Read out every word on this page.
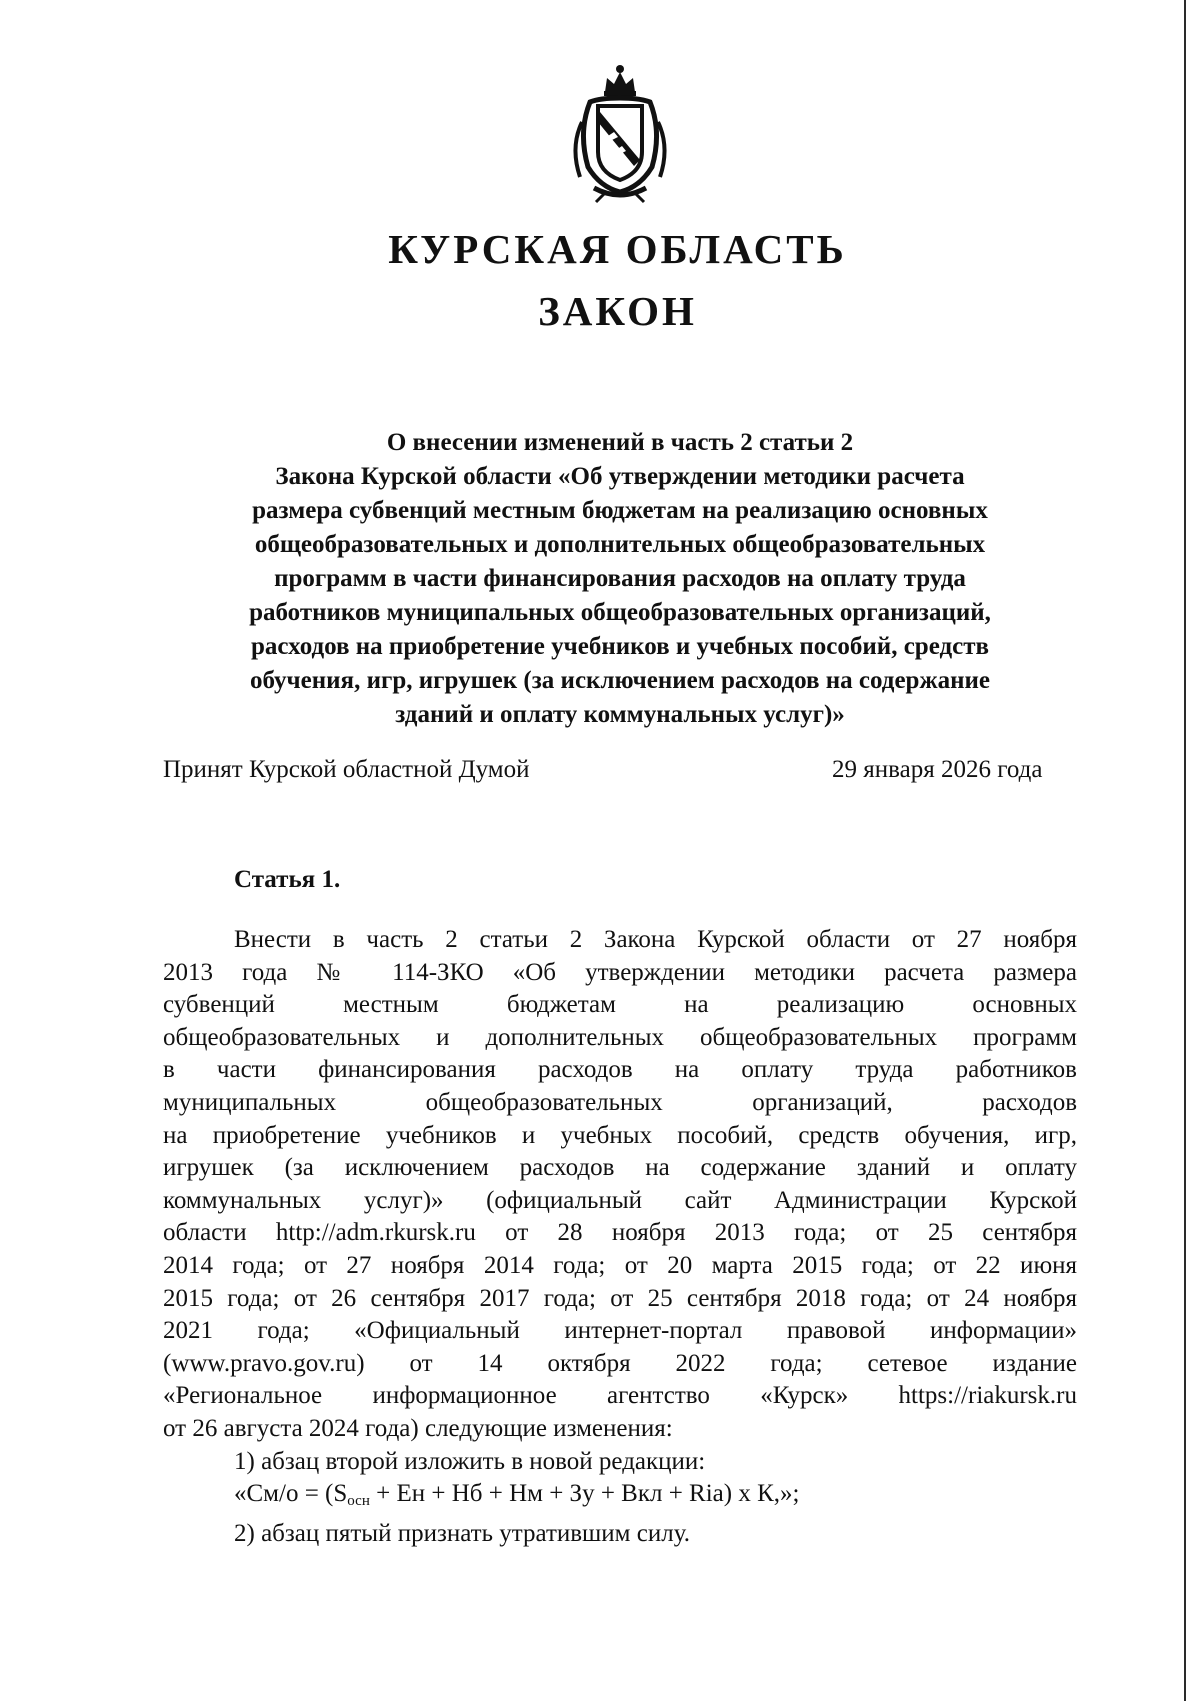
КУРСКАЯ ОБЛАСТЬ
ЗАКОН
О внесении изменений в часть 2 статьи 2
Закона Курской области «Об утверждении методики расчета
размера субвенций местным бюджетам на реализацию основных
общеобразовательных и дополнительных общеобразовательных
программ в части финансирования расходов на оплату труда
работников муниципальных общеобразовательных организаций,
расходов на приобретение учебников и учебных пособий, средств
обучения, игр, игрушек (за исключением расходов на содержание
зданий и оплату коммунальных услуг)»
Принят Курской областной Думой	29 января 2026 года
Статья 1.
Внести в часть 2 статьи 2 Закона Курской области от 27 ноября
2013 года № 114-ЗКО «Об утверждении методики расчета размера
субвенций местным бюджетам на реализацию основных
общеобразовательных и дополнительных общеобразовательных программ
в части финансирования расходов на оплату труда работников
муниципальных общеобразовательных организаций, расходов
на приобретение учебников и учебных пособий, средств обучения, игр,
игрушек (за исключением расходов на содержание зданий и оплату
коммунальных услуг)» (официальный сайт Администрации Курской
области http://adm.rkursk.ru от 28 ноября 2013 года; от 25 сентября
2014 года; от 27 ноября 2014 года; от 20 марта 2015 года; от 22 июня
2015 года; от 26 сентября 2017 года; от 25 сентября 2018 года; от 24 ноября
2021 года; «Официальный интернет-портал правовой информации»
(www.pravo.gov.ru) от 14 октября 2022 года; сетевое издание
«Региональное информационное агентство «Курск» https://riakursk.ru
от 26 августа 2024 года) следующие изменения:
1) абзац второй изложить в новой редакции:
«$См/о = (S_{осн}$ + Ен + Нб + Нм + Зу + Вкл + Ria) х К,»;
2) абзац пятый признать утратившим силу.
